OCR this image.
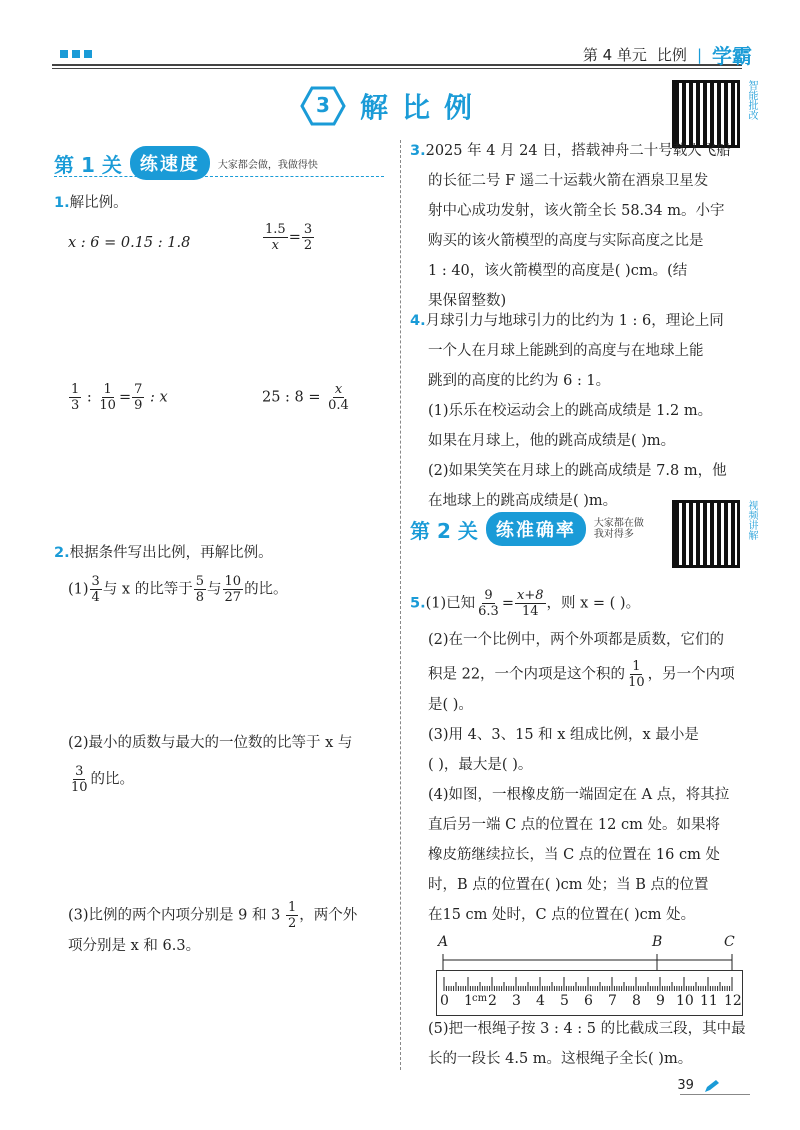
第 4 单元 比例 | 学霸
3	解比例	智能批改
第 1 关	练速度	大家都会做，我做得快
1.解比例。
x : 6 = 0.15 : 1.8	$\frac{1.5}{x} = \frac{3}{2}$
$\frac{1}{3}$ : $\frac{1}{10} = \frac{7}{9}$ : x	25 : $8 = \frac{x}{0.4}$
2.根据条件写出比例，再解比例。
$(1) \frac{3}{4}$ 与 x 的比等于 $\frac{5}{8}$ 与 $\frac{10}{27}$ 的比。
(2)最小的质数与最大的一位数的比等于 x 与
$\frac{3}{10}$ 的比。
(3)比例的两个内项分别是 9 和 $3 \frac{1}{2}$ ，两个外
项分别是 x 和 6.3。
3.2025 年 4 月 24 日，搭载神舟二十号载人飞船
的长征二号 F 遥二十运载火箭在酒泉卫星发
射中心成功发射，该火箭全长 58.34 m。小宇
购买的该火箭模型的高度与实际高度之比是
1 : 40，该火箭模型的高度是( )cm。(结
果保留整数)
4.月球引力与地球引力的比约为 1 : 6，理论上同
一个人在月球上能跳到的高度与在地球上能
跳到的高度的比约为 6 : 1。
(1)乐乐在校运动会上的跳高成绩是 1.2 m。
如果在月球上，他的跳高成绩是( )m。
(2)如果笑笑在月球上的跳高成绩是 7.8 m，他
在地球上的跳高成绩是( )m。
第 2 关	练准确率	大家都在做
我对得多	视频讲解
5.(1)已知 $\frac{9}{6.3} = \frac{x+8}{14}$ ，则 x = ( )。
(2)在一个比例中，两个外项都是质数，它们的
积是 22，一个内项是这个积的 $\frac{1}{10}$ ，另一个内项
是( )。
(3)用 4、3、15 和 x 组成比例，x 最小是
( )，最大是( )。
(4)如图，一根橡皮筋一端固定在 A 点，将其拉
直后另一端 C 点的位置在 12 cm 处。如果将
橡皮筋继续拉长，当 C 点的位置在 16 cm 处
时，B 点的位置在( )cm 处；当 B 点的位置
在15 cm 处时，C 点的位置在( )cm 处。
A	B	C
0 1 cm 2 3 4 5 6 7 8 9 10 11 12
(5)把一根绳子按 3 : 4 : 5 的比截成三段，其中最
长的一段长 4.5 m。这根绳子全长( )m。
39
